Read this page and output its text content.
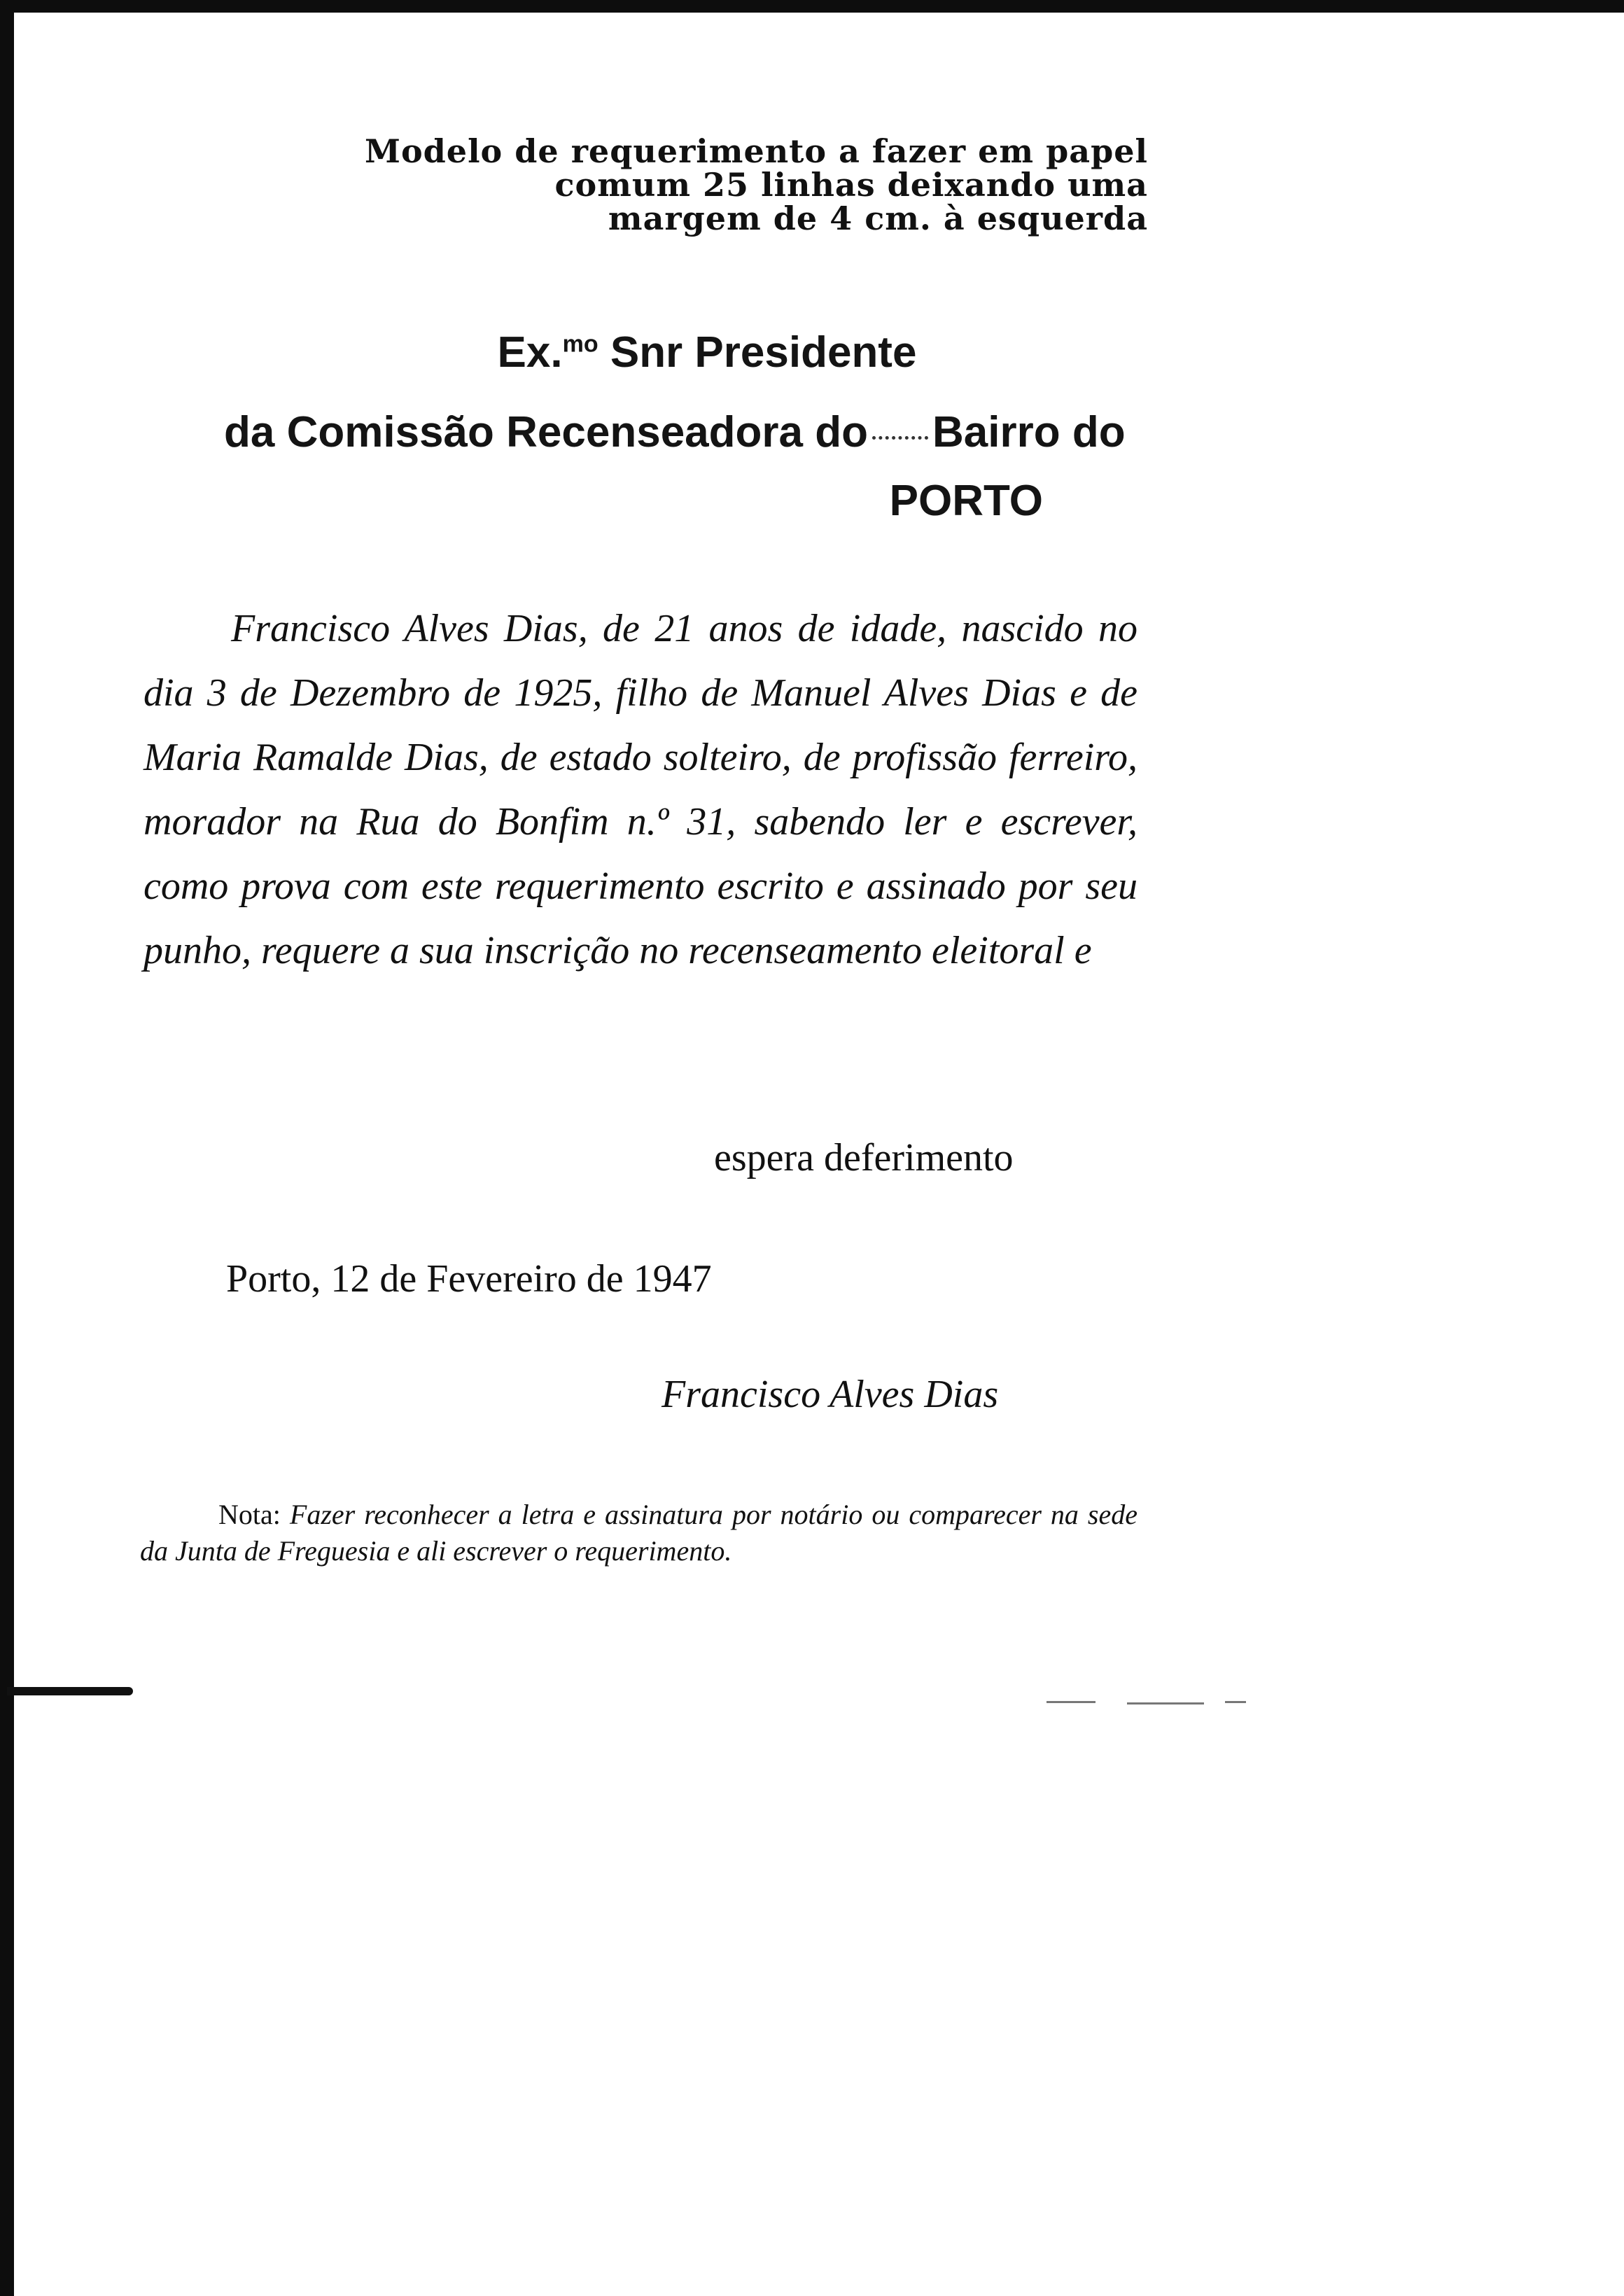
Modelo de requerimento a fazer em papel
comum 25 linhas deixando uma
margem de 4 cm. à esquerda
Ex.$^{mo}$ Snr Presidente
da Comissão Recenseadora do Bairro do
PORTO
Francisco Alves Dias, de 21 anos de idade, nascido no dia 3 de Dezembro de 1925, filho de Manuel Alves Dias e de Maria Ramalde Dias, de estado solteiro, de profissão ferreiro, morador na Rua do Bonfim n.º 31, sabendo ler e escrever, como prova com este requerimento escrito e assinado por seu punho, requere a sua inscrição no recenseamento eleitoral e
espera deferimento
Porto, 12 de Fevereiro de 1947
Francisco Alves Dias
Nota: Fazer reconhecer a letra e assinatura por notário ou comparecer na sede da Junta de Freguesia e ali escrever o requerimento.
